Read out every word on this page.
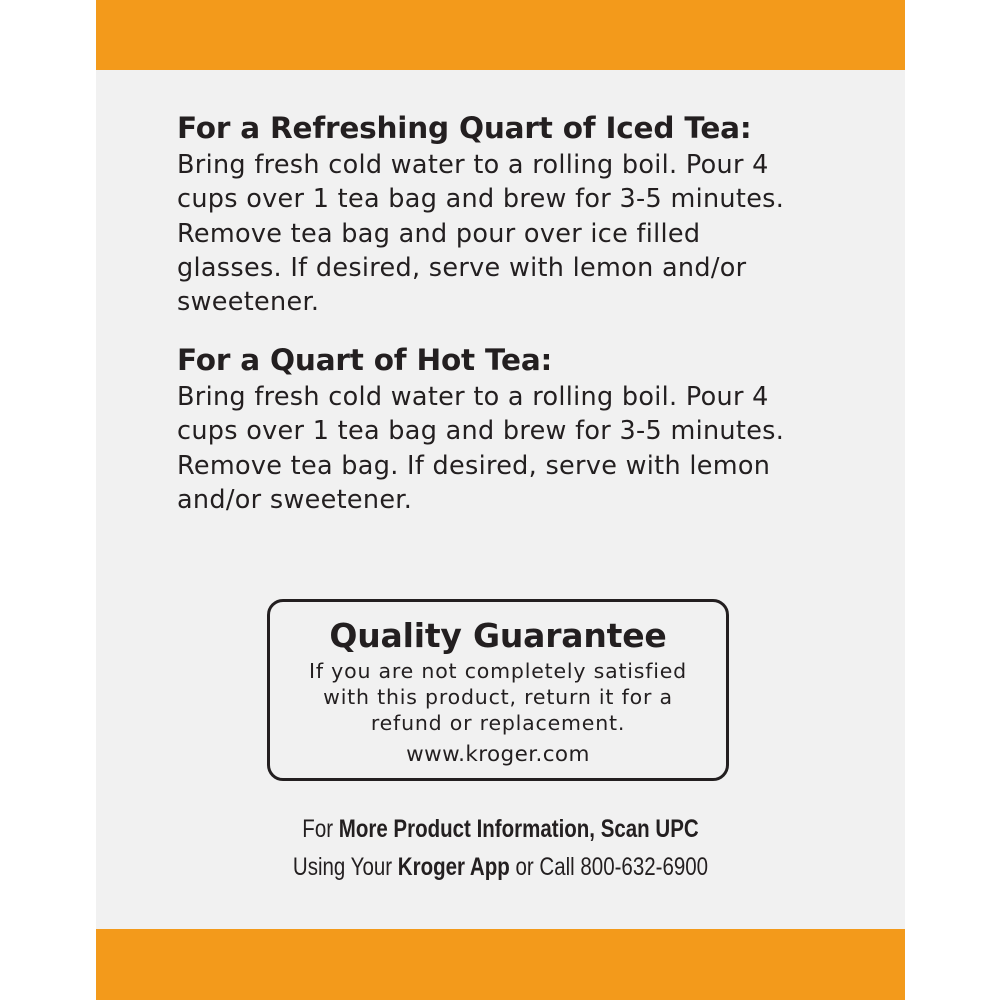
For a Refreshing Quart of Iced Tea:
Bring fresh cold water to a rolling boil. Pour 4
cups over 1 tea bag and brew for 3-5 minutes.
Remove tea bag and pour over ice filled
glasses. If desired, serve with lemon and/or
sweetener.
For a Quart of Hot Tea:
Bring fresh cold water to a rolling boil. Pour 4
cups over 1 tea bag and brew for 3-5 minutes.
Remove tea bag. If desired, serve with lemon
and/or sweetener.
Quality Guarantee
If you are not completely satisfied
with this product, return it for a
refund or replacement.
www.kroger.com
For More Product Information, Scan UPC
Using Your Kroger App or Call 800-632-6900
